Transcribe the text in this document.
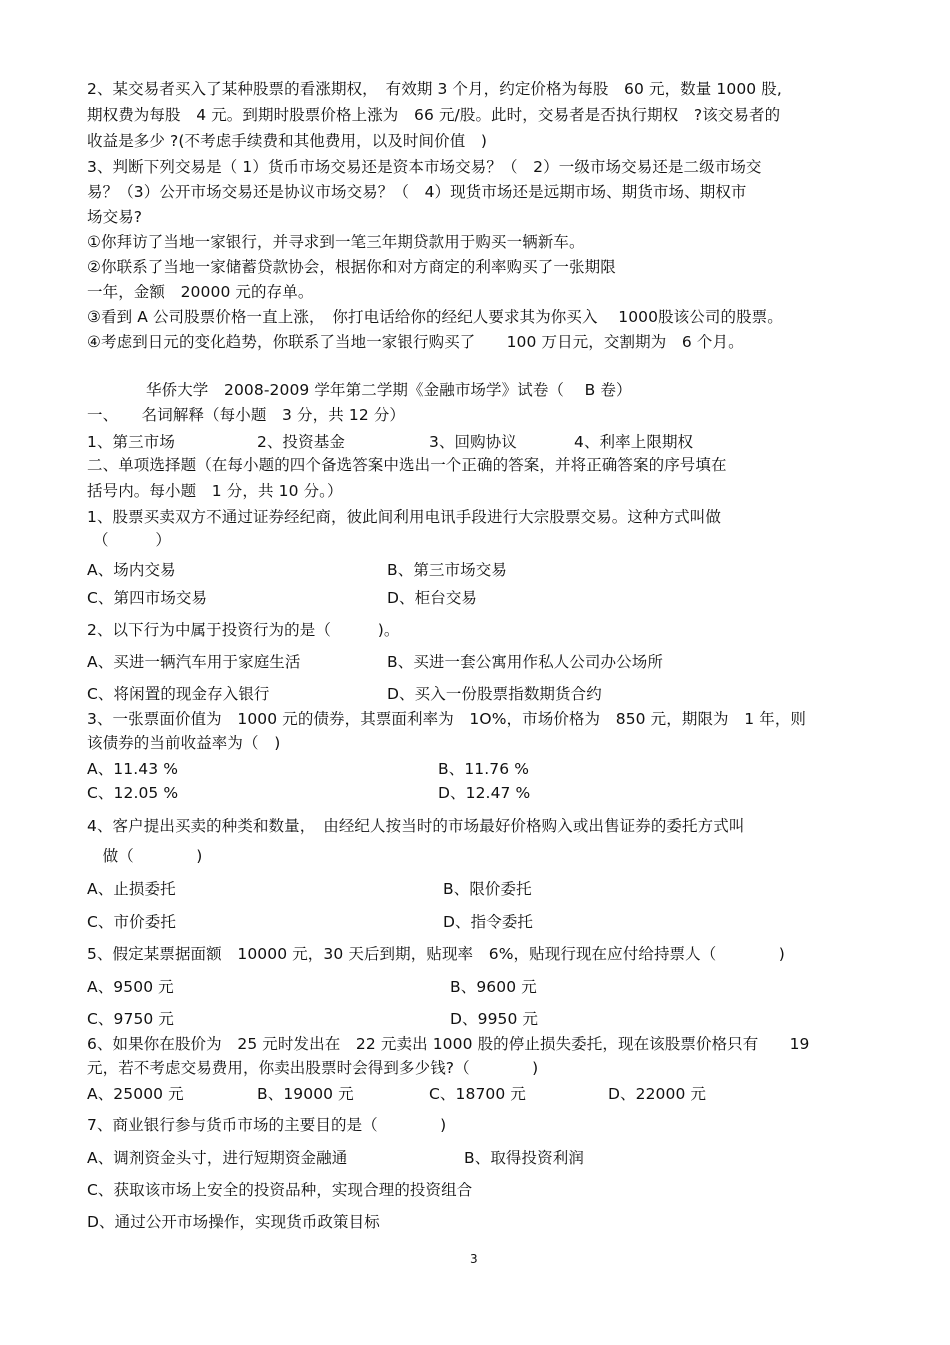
2、某交易者买入了某种股票的看涨期权，　有效期 3 个月，约定价格为每股　60 元，数量 1000 股,
期权费为每股　4 元。到期时股票价格上涨为　66 元/股。此时，交易者是否执行期权　?该交易者的
收益是多少 ?(不考虑手续费和其他费用，以及时间价值　)
3、判断下列交易是（ 1）货币市场交易还是资本市场交易？（　2）一级市场交易还是二级市场交
易？（3）公开市场交易还是协议市场交易？（　4）现货市场还是远期市场、期货市场、期权市
场交易?
①你拜访了当地一家银行，并寻求到一笔三年期贷款用于购买一辆新车。
②你联系了当地一家储蓄贷款协会，根据你和对方商定的利率购买了一张期限
一年，金额　20000 元的存单。
③看到 A 公司股票价格一直上涨，　你打电话给你的经纪人要求其为你买入　 1000股该公司的股票。
④考虑到日元的变化趋势，你联系了当地一家银行购买了　　100 万日元，交割期为　6 个月。
华侨大学　2008-2009 学年第二学期《金融市场学》试卷（　 B 卷）
一、　　名词解释（每小题　3 分，共 12 分）
1、第三市场	2、投资基金	3、回购协议	4、利率上限期权
二、单项选择题（在每小题的四个备选答案中选出一个正确的答案，并将正确答案的序号填在
括号内。每小题　1 分，共 10 分。）
1、股票买卖双方不通过证券经纪商，彼此间利用电讯手段进行大宗股票交易。这种方式叫做
（　　　）
A、场内交易	B、第三市场交易
C、第四市场交易	D、柜台交易
2、以下行为中属于投资行为的是（　　　)。
A、买进一辆汽车用于家庭生活	B、买进一套公寓用作私人公司办公场所
C、将闲置的现金存入银行	D、买入一份股票指数期货合约
3、一张票面价值为　1000 元的债券，其票面利率为　1O%，市场价格为　850 元，期限为　1 年，则
该债券的当前收益率为（　)
A、11.43 %	B、11.76 %
C、12.05 %	D、12.47 %
4、客户提出买卖的种类和数量，　由经纪人按当时的市场最好价格购入或出售证券的委托方式叫
　做（　　　　)
A、止损委托	B、限价委托
C、市价委托	D、指令委托
5、假定某票据面额　10000 元，30 天后到期，贴现率　6%，贴现行现在应付给持票人（　　　　)
A、9500 元	B、9600 元
C、9750 元	D、9950 元
6、如果你在股价为　25 元时发出在　22 元卖出 1000 股的停止损失委托，现在该股票价格只有　　19
元，若不考虑交易费用，你卖出股票时会得到多少钱?（　　　　)
A、25000 元	B、19000 元	C、18700 元	D、22000 元
7、商业银行参与货币市场的主要目的是（　　　　)
A、调剂资金头寸，进行短期资金融通	B、取得投资利润
C、获取该市场上安全的投资品种，实现合理的投资组合
D、通过公开市场操作，实现货币政策目标
3
